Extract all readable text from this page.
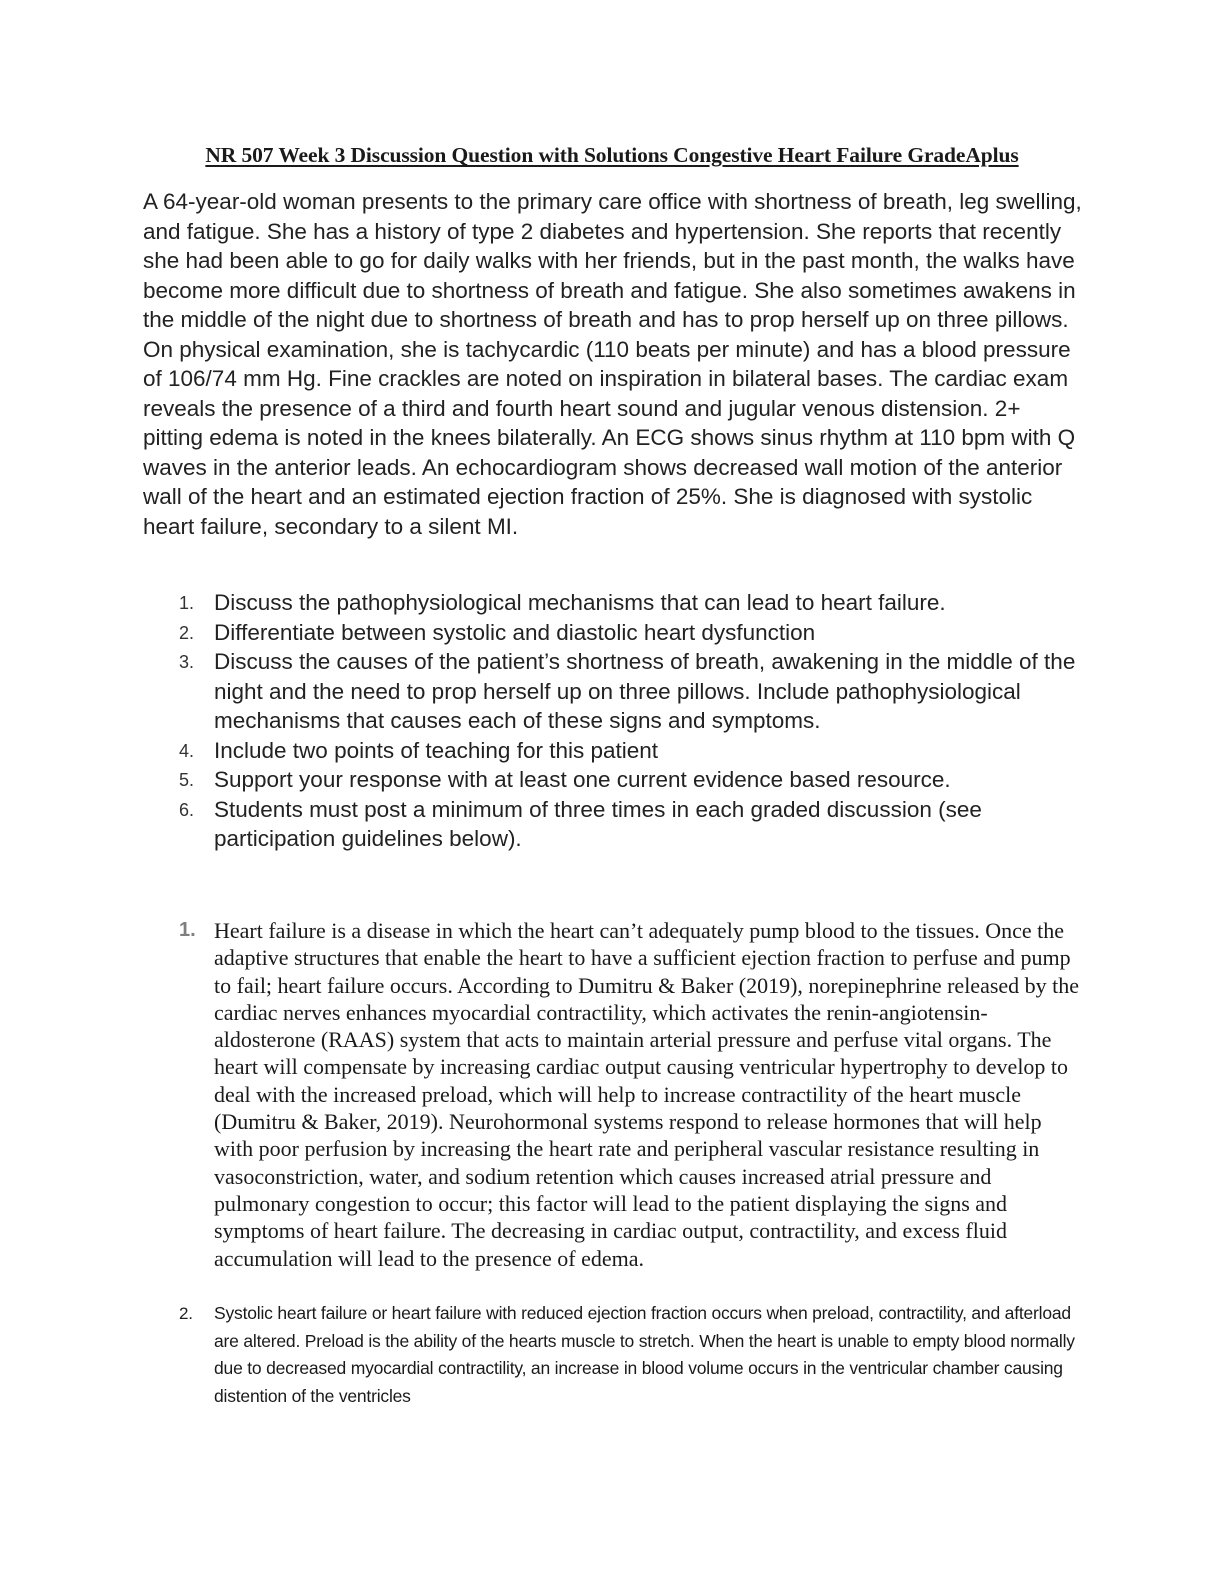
NR 507 Week 3 Discussion Question with Solutions Congestive Heart Failure GradeAplus

A 64-year-old woman presents to the primary care office with shortness of breath, leg swelling, and fatigue. She has a history of type 2 diabetes and hypertension. She reports that recently she had been able to go for daily walks with her friends, but in the past month, the walks have become more difficult due to shortness of breath and fatigue. She also sometimes awakens in the middle of the night due to shortness of breath and has to prop herself up on three pillows. On physical examination, she is tachycardic (110 beats per minute) and has a blood pressure of 106/74 mm Hg. Fine crackles are noted on inspiration in bilateral bases. The cardiac exam reveals the presence of a third and fourth heart sound and jugular venous distension. 2+ pitting edema is noted in the knees bilaterally. An ECG shows sinus rhythm at 110 bpm with Q waves in the anterior leads. An echocardiogram shows decreased wall motion of the anterior wall of the heart and an estimated ejection fraction of 25%. She is diagnosed with systolic heart failure, secondary to a silent MI.

1. Discuss the pathophysiological mechanisms that can lead to heart failure.
2. Differentiate between systolic and diastolic heart dysfunction
3. Discuss the causes of the patient’s shortness of breath, awakening in the middle of the night and the need to prop herself up on three pillows. Include pathophysiological mechanisms that causes each of these signs and symptoms.
4. Include two points of teaching for this patient
5. Support your response with at least one current evidence based resource.
6. Students must post a minimum of three times in each graded discussion (see participation guidelines below).
1. Heart failure is a disease in which the heart can’t adequately pump blood to the tissues. Once the adaptive structures that enable the heart to have a sufficient ejection fraction to perfuse and pump to fail; heart failure occurs. According to Dumitru & Baker (2019), norepinephrine released by the cardiac nerves enhances myocardial contractility, which activates the renin-angiotensin-aldosterone (RAAS) system that acts to maintain arterial pressure and perfuse vital organs. The heart will compensate by increasing cardiac output causing ventricular hypertrophy to develop to deal with the increased preload, which will help to increase contractility of the heart muscle (Dumitru & Baker, 2019). Neurohormonal systems respond to release hormones that will help with poor perfusion by increasing the heart rate and peripheral vascular resistance resulting in vasoconstriction, water, and sodium retention which causes increased atrial pressure and pulmonary congestion to occur; this factor will lead to the patient displaying the signs and symptoms of heart failure. The decreasing in cardiac output, contractility, and excess fluid accumulation will lead to the presence of edema.
2. Systolic heart failure or heart failure with reduced ejection fraction occurs when preload, contractility, and afterload are altered. Preload is the ability of the hearts muscle to stretch. When the heart is unable to empty blood normally due to decreased myocardial contractility, an increase in blood volume occurs in the ventricular chamber causing distention of the ventricles
